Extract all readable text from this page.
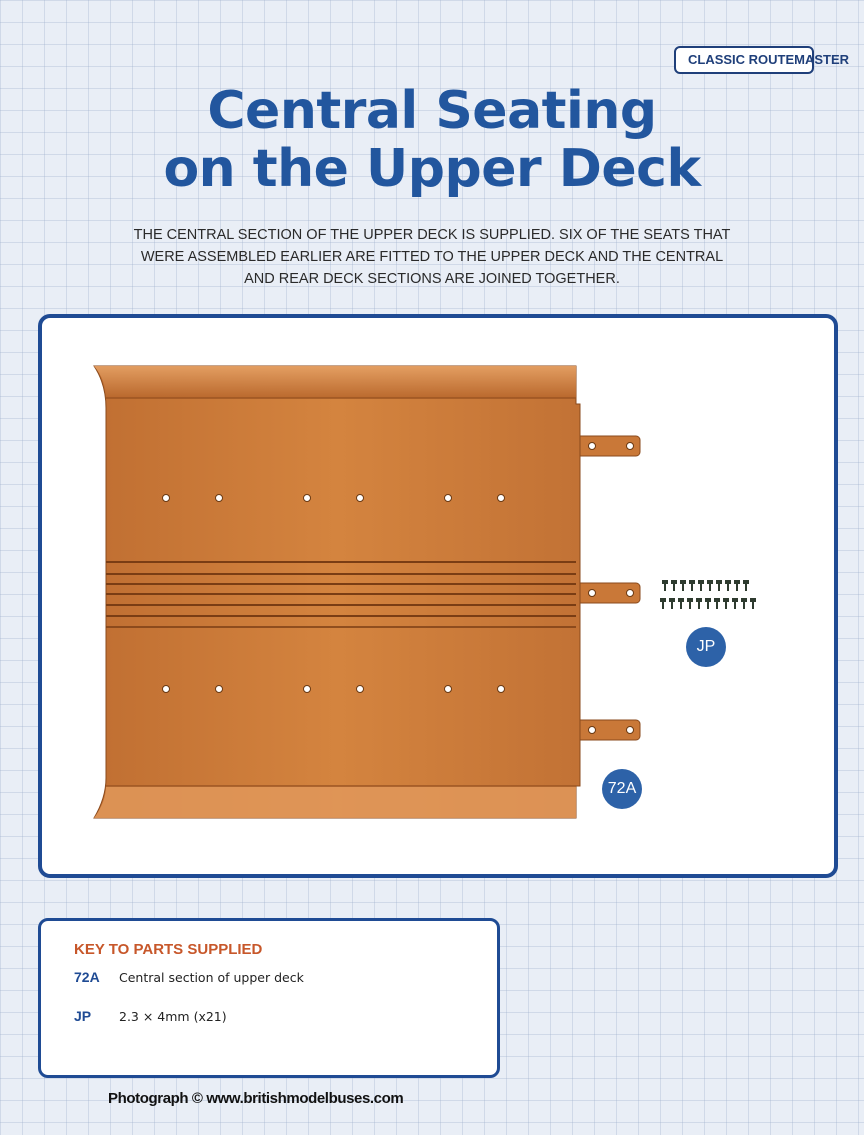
CLASSIC ROUTEMASTER
Central Seating
on the Upper Deck

THE CENTRAL SECTION OF THE UPPER DECK IS SUPPLIED. SIX OF THE SEATS THAT
WERE ASSEMBLED EARLIER ARE FITTED TO THE UPPER DECK AND THE CENTRAL
AND REAR DECK SECTIONS ARE JOINED TOGETHER.

JP
72A
KEY TO PARTS SUPPLIED
72A Central section of upper deck
JP 2.3 × 4mm (x21)
Photograph © www.britishmodelbuses.com
